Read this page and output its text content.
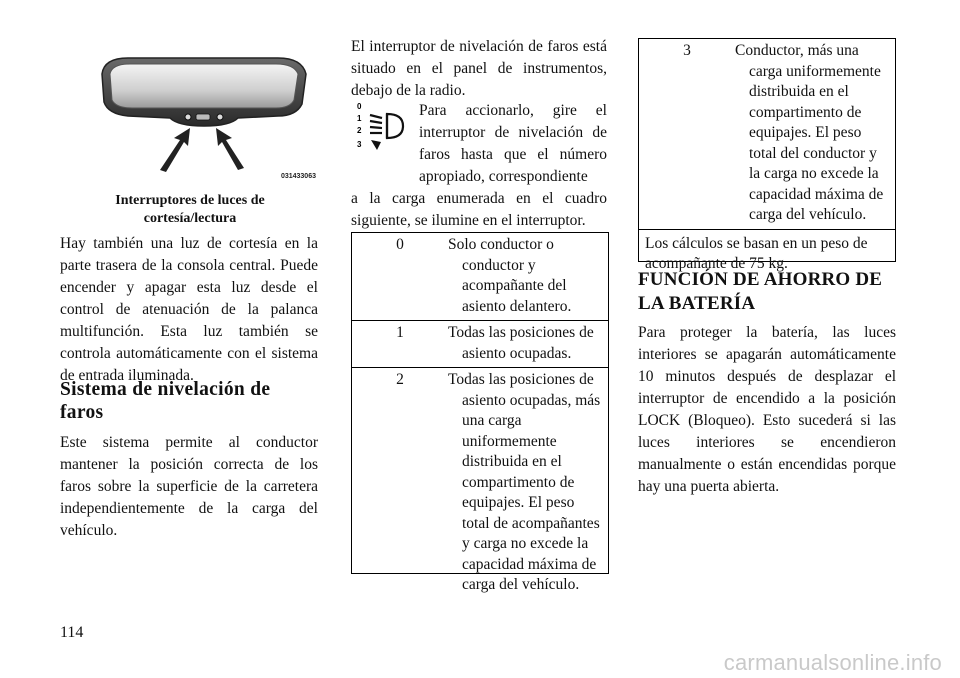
031433063
Interruptores de luces de
cortesía/lectura

Hay también una luz de cortesía en la parte trasera de la consola central. Puede encender y apagar esta luz desde el control de atenuación de la palanca multifunción. Esta luz también se controla automáticamente con el sistema de entrada iluminada.

Sistema de nivelación de
faros

Este sistema permite al conductor mantener la posición correcta de los faros sobre la superficie de la carretera independientemente de la carga del vehículo.

El interruptor de nivelación de faros está situado en el panel de instrumentos, debajo de la radio.

0
1
2
3

Para accionarlo, gire el interruptor de nivelación de faros hasta que el número apropiado, correspondiente

a la carga enumerada en el cuadro siguiente, se ilumine en el interruptor.

0	Solo conductor o conductor y acompañante del asiento delantero.

1	Todas las posiciones de asiento ocupadas.

2	Todas las posiciones de asiento ocupadas, más una carga uniformemente distribuida en el compartimento de equipajes. El peso total de acompañantes y carga no excede la capacidad máxima de carga del vehículo.
3	Conductor, más una carga uniformemente distribuida en el compartimento de equipajes. El peso total del conductor y la carga no excede la capacidad máxima de carga del vehículo.

Los cálculos se basan en un peso de acompañante de 75 kg.
FUNCIÓN DE AHORRO DE
LA BATERÍA

Para proteger la batería, las luces interiores se apagarán automáticamente 10 minutos después de desplazar el interruptor de encendido a la posición LOCK (Bloqueo). Esto sucederá si las luces interiores se encendieron manualmente o están encendidas porque hay una puerta abierta.

114
carmanualsonline.info
